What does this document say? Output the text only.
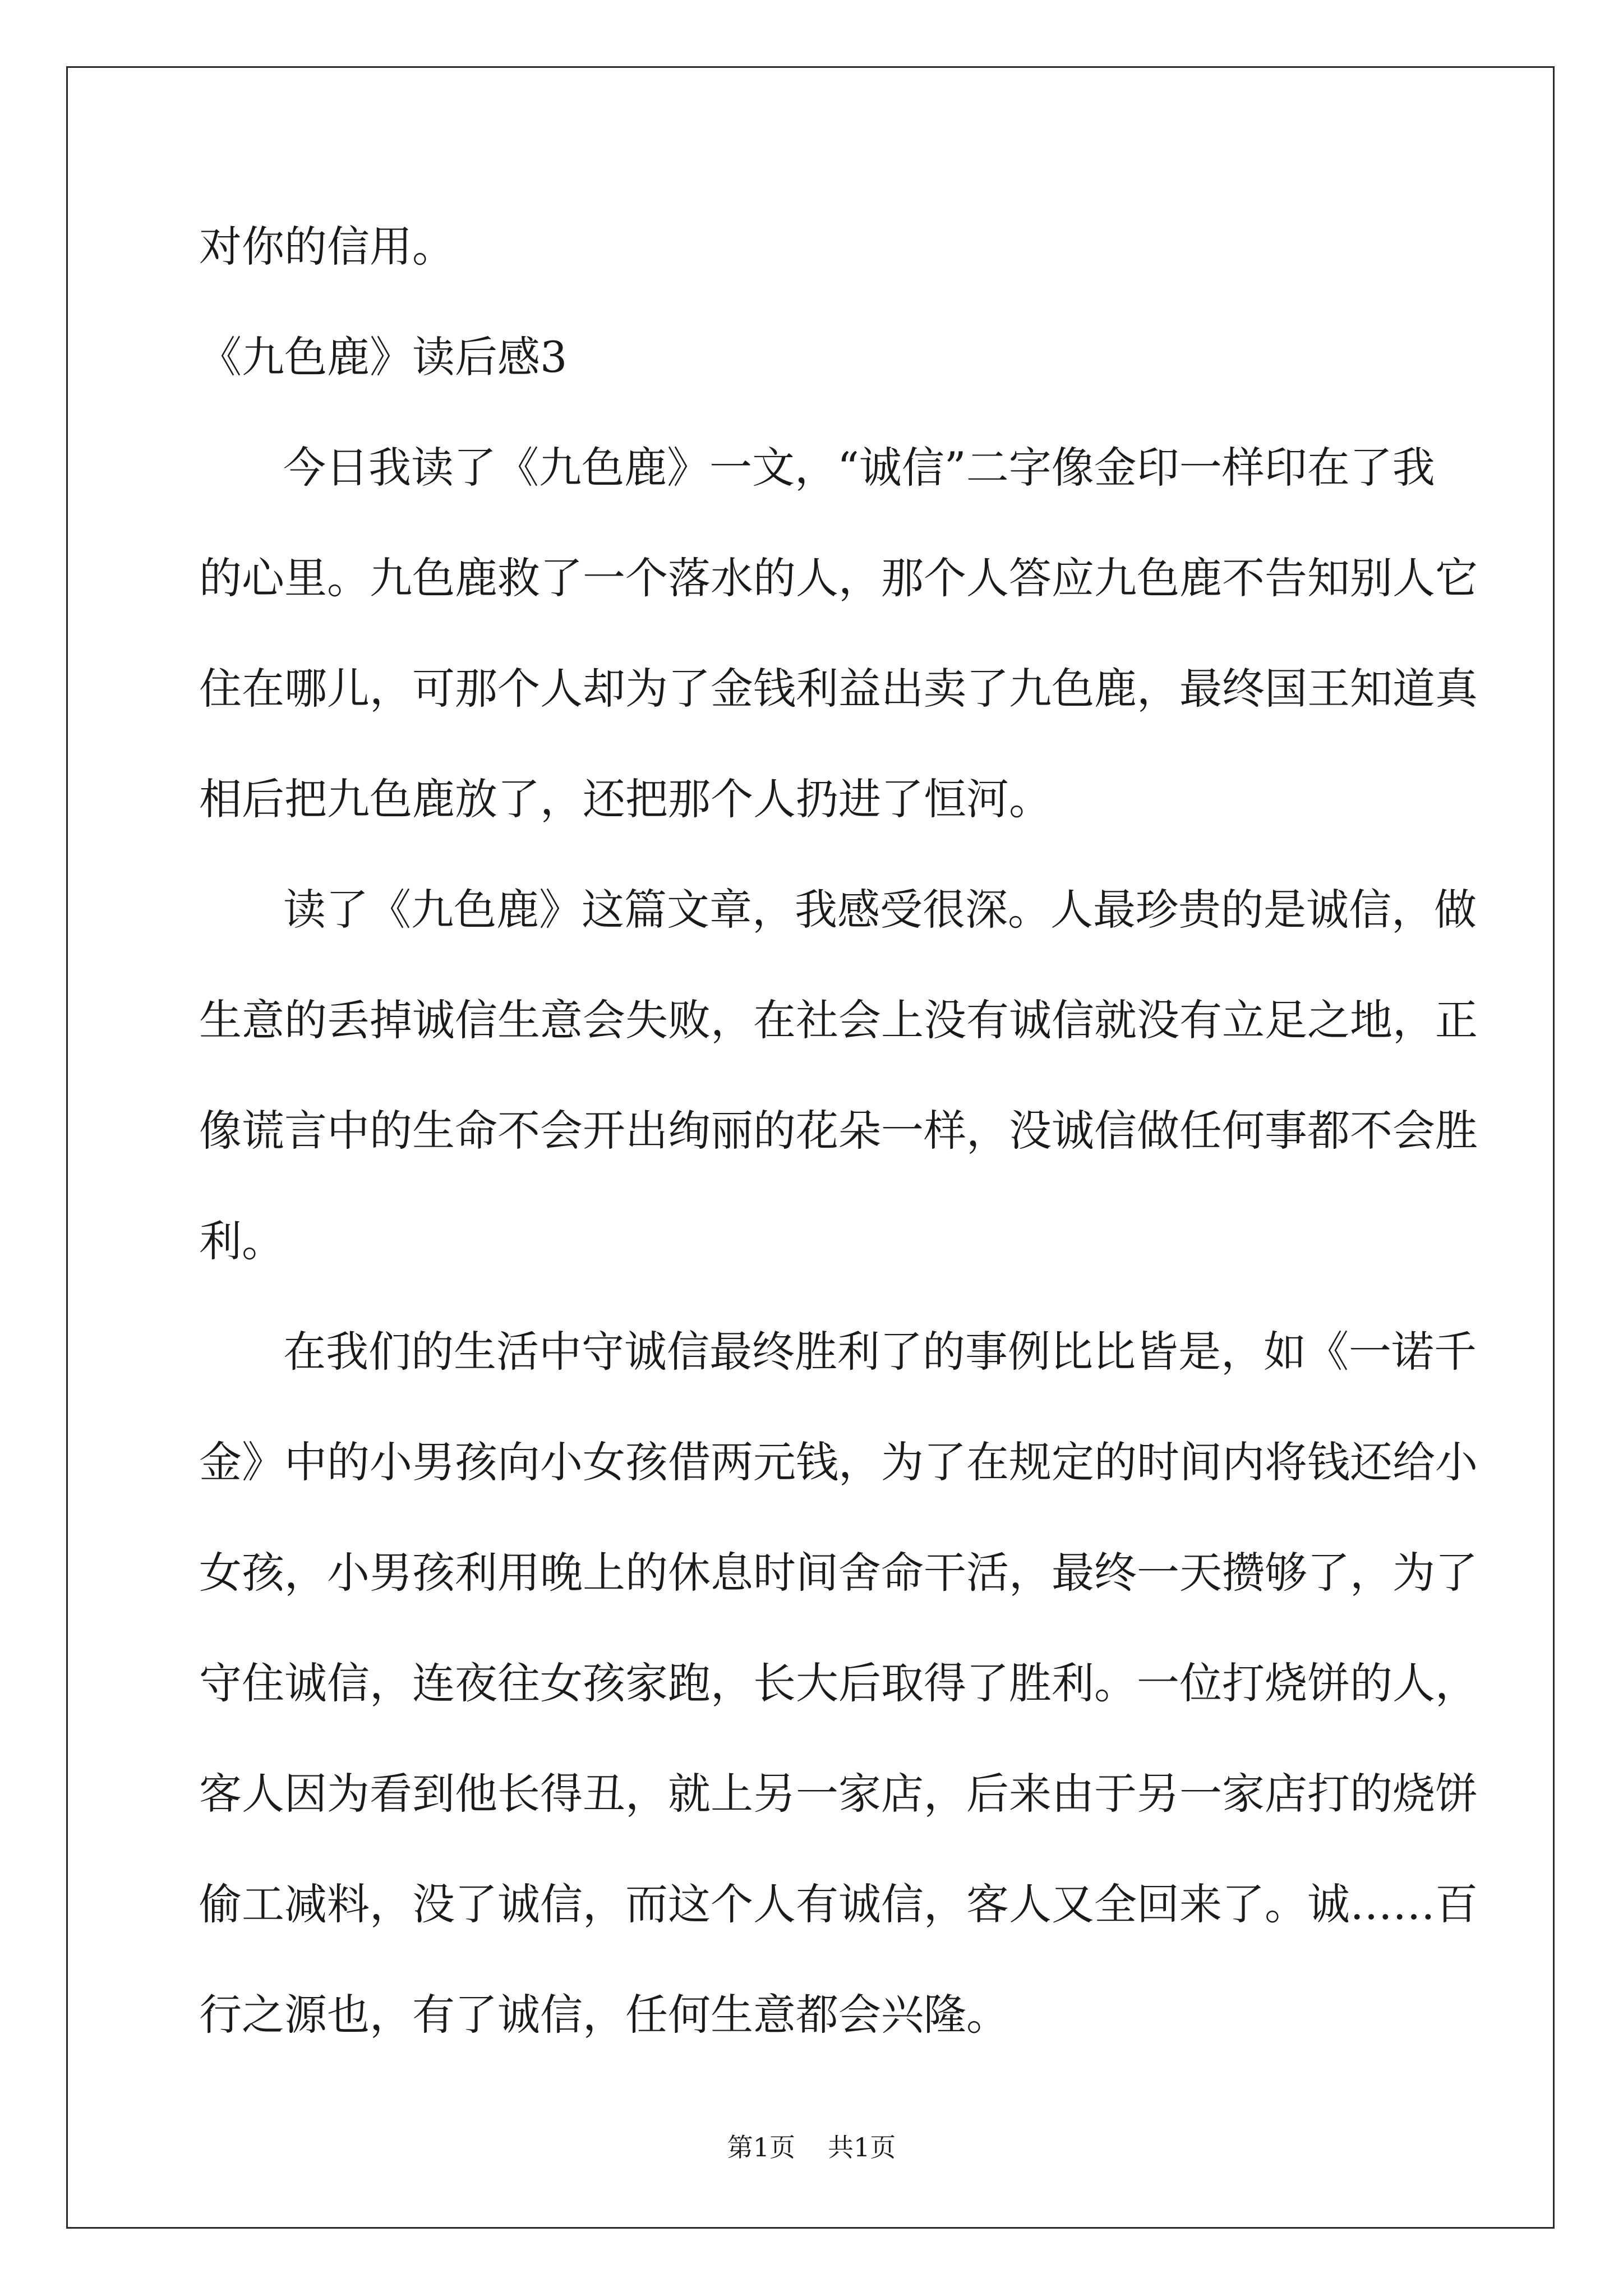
对你的信用。
《九色鹿》读后感3
今日我读了《九色鹿》一文，“诚信”二字像金印一样印在了我
的心里。九色鹿救了一个落水的人，那个人答应九色鹿不告知别人它
住在哪儿，可那个人却为了金钱利益出卖了九色鹿，最终国王知道真
相后把九色鹿放了，还把那个人扔进了恒河。
读了《九色鹿》这篇文章，我感受很深。人最珍贵的是诚信，做
生意的丢掉诚信生意会失败，在社会上没有诚信就没有立足之地，正
像谎言中的生命不会开出绚丽的花朵一样，没诚信做任何事都不会胜
利。
在我们的生活中守诚信最终胜利了的事例比比皆是，如《一诺千
金》中的小男孩向小女孩借两元钱，为了在规定的时间内将钱还给小
女孩，小男孩利用晚上的休息时间舍命干活，最终一天攒够了，为了
守住诚信，连夜往女孩家跑，长大后取得了胜利。一位打烧饼的人，
客人因为看到他长得丑，就上另一家店，后来由于另一家店打的烧饼
偷工减料，没了诚信，而这个人有诚信，客人又全回来了。诚……百
行之源也，有了诚信，任何生意都会兴隆。
第1页 共1页
